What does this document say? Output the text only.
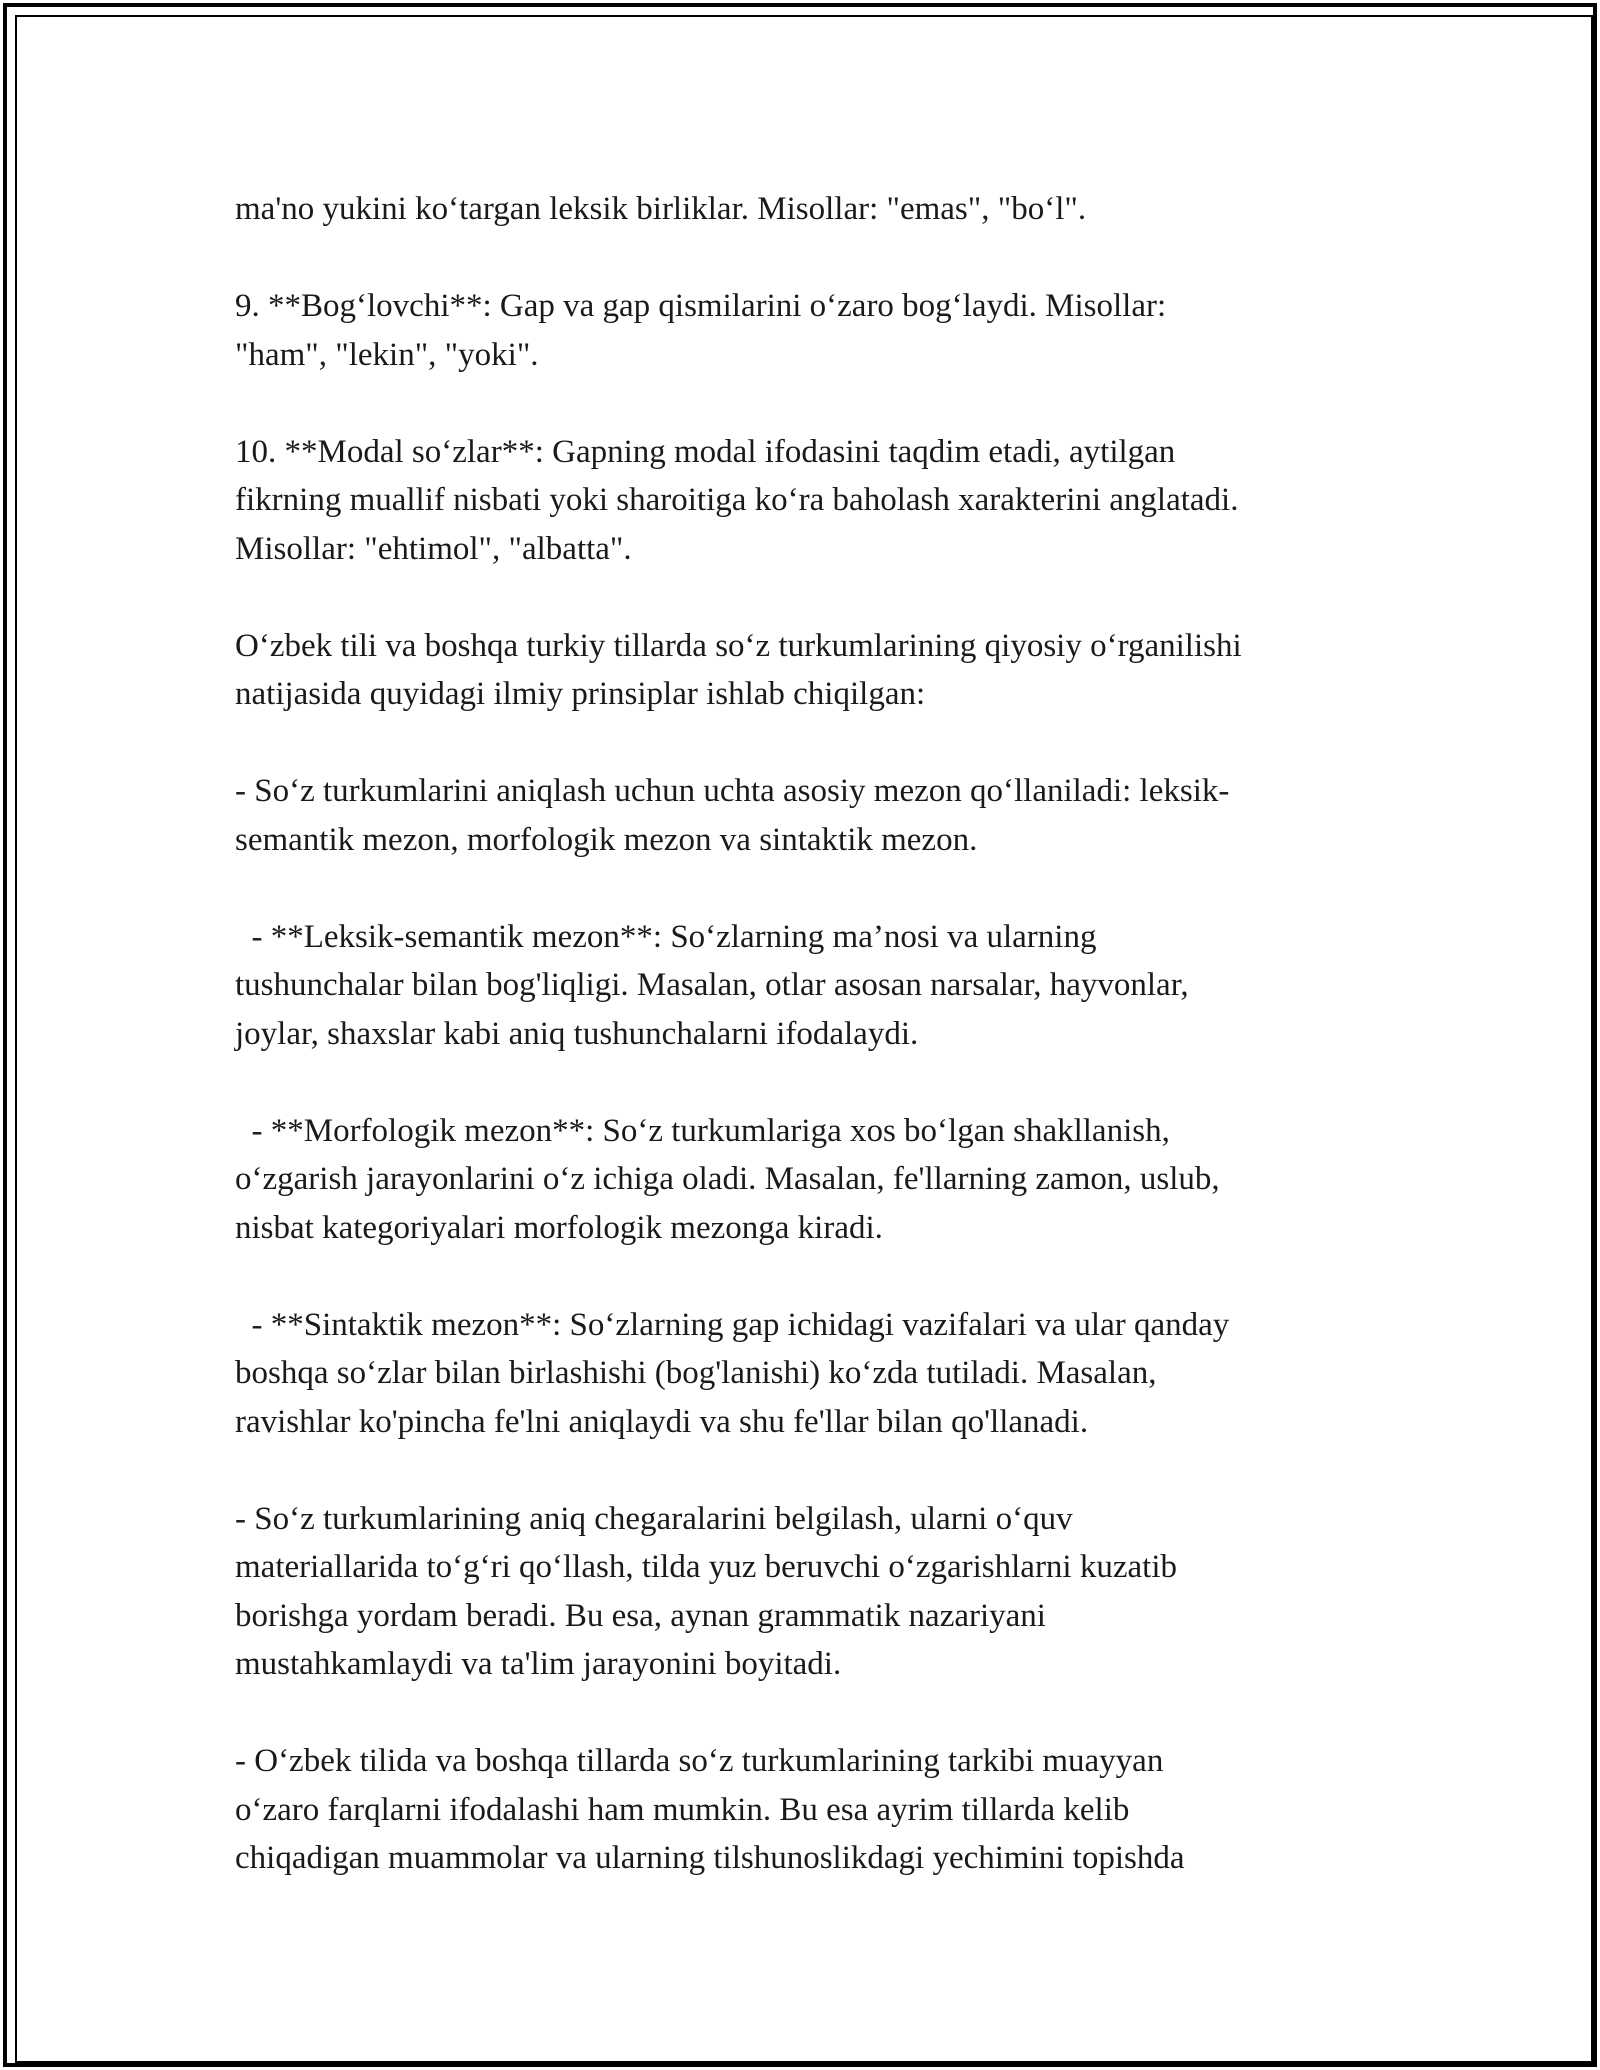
ma'no yukini ko‘targan leksik birliklar. Misollar: "emas", "bo‘l".
9. **Bog‘lovchi**: Gap va gap qismilarini o‘zaro bog‘laydi. Misollar:
"ham", "lekin", "yoki".
10. **Modal so‘zlar**: Gapning modal ifodasini taqdim etadi, aytilgan
fikrning muallif nisbati yoki sharoitiga ko‘ra baholash xarakterini anglatadi.
Misollar: "ehtimol", "albatta".
O‘zbek tili va boshqa turkiy tillarda so‘z turkumlarining qiyosiy o‘rganilishi
natijasida quyidagi ilmiy prinsiplar ishlab chiqilgan:
- So‘z turkumlarini aniqlash uchun uchta asosiy mezon qo‘llaniladi: leksik-
semantik mezon, morfologik mezon va sintaktik mezon.
- **Leksik-semantik mezon**: So‘zlarning ma’nosi va ularning
tushunchalar bilan bog'liqligi. Masalan, otlar asosan narsalar, hayvonlar,
joylar, shaxslar kabi aniq tushunchalarni ifodalaydi.
- **Morfologik mezon**: So‘z turkumlariga xos bo‘lgan shakllanish,
o‘zgarish jarayonlarini o‘z ichiga oladi. Masalan, fe'llarning zamon, uslub,
nisbat kategoriyalari morfologik mezonga kiradi.
- **Sintaktik mezon**: So‘zlarning gap ichidagi vazifalari va ular qanday
boshqa so‘zlar bilan birlashishi (bog'lanishi) ko‘zda tutiladi. Masalan,
ravishlar ko'pincha fe'lni aniqlaydi va shu fe'llar bilan qo'llanadi.
- So‘z turkumlarining aniq chegaralarini belgilash, ularni o‘quv
materiallarida to‘g‘ri qo‘llash, tilda yuz beruvchi o‘zgarishlarni kuzatib
borishga yordam beradi. Bu esa, aynan grammatik nazariyani
mustahkamlaydi va ta'lim jarayonini boyitadi.
- O‘zbek tilida va boshqa tillarda so‘z turkumlarining tarkibi muayyan
o‘zaro farqlarni ifodalashi ham mumkin. Bu esa ayrim tillarda kelib
chiqadigan muammolar va ularning tilshunoslikdagi yechimini topishda
